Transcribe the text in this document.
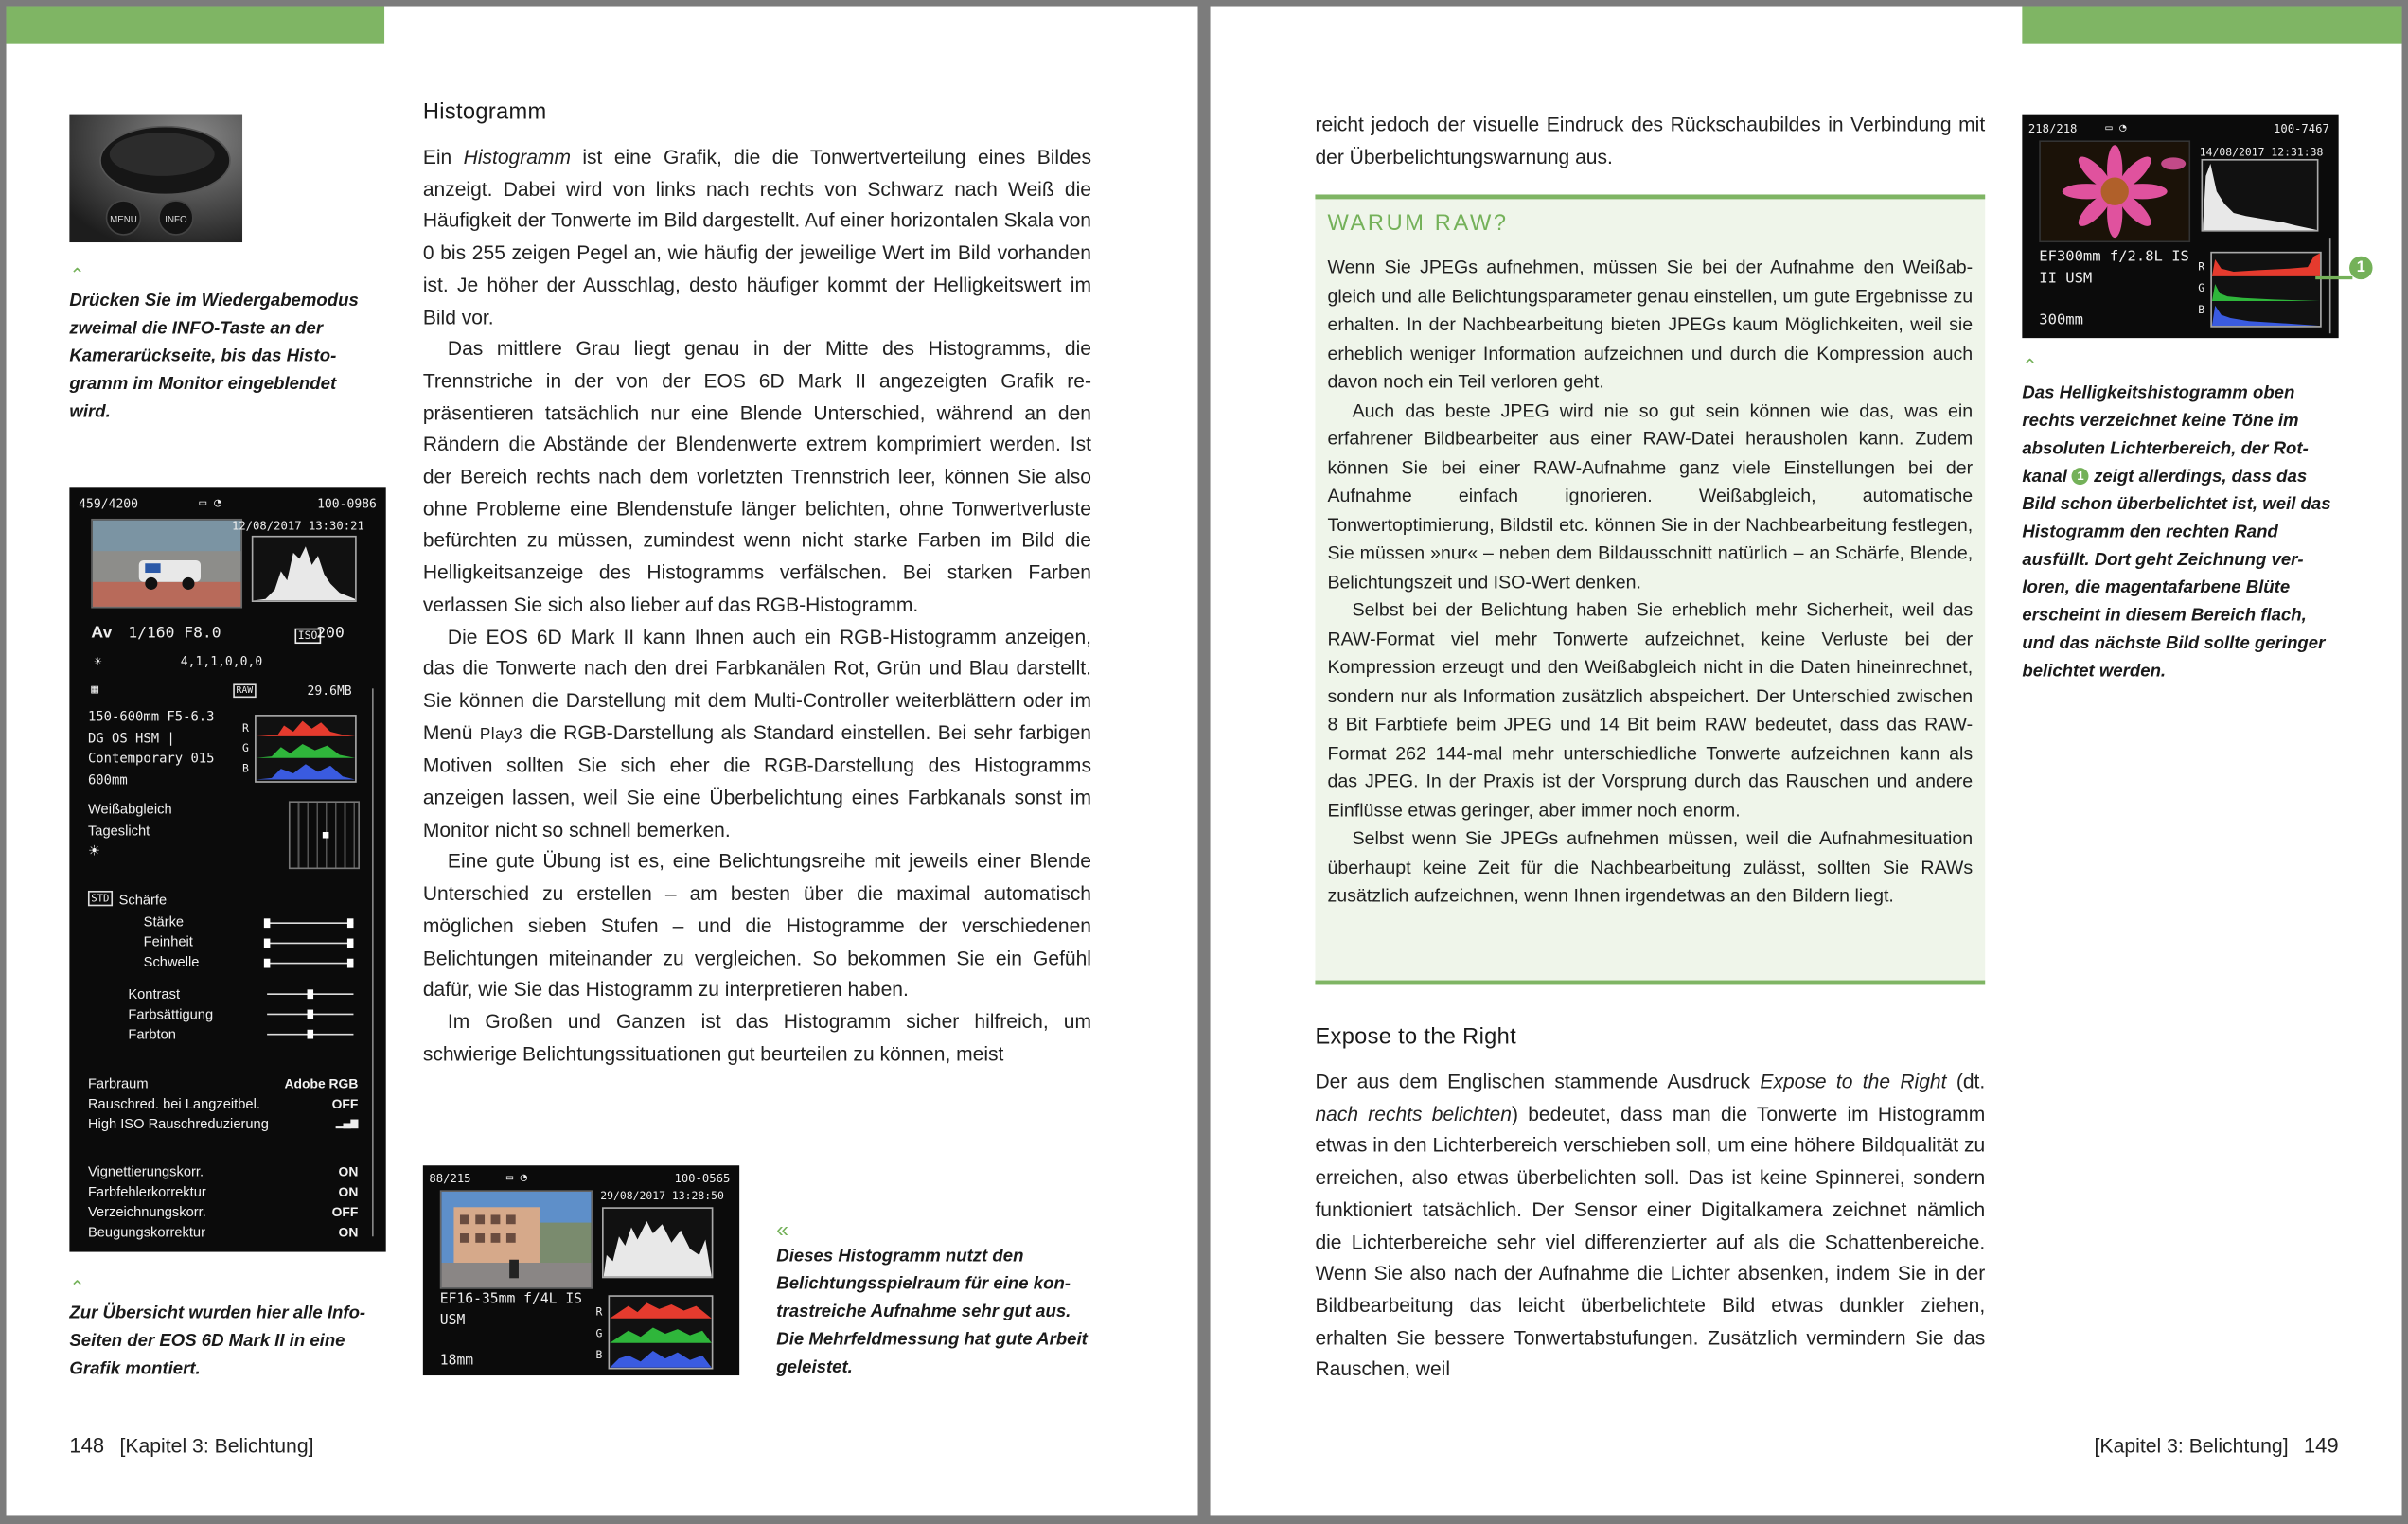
MENU	INFO
⌃
Drücken Sie im Wiedergabemodus zweimal die INFO-Taste an der Kamerarückseite, bis das Histogramm im Monitor eingeblendet wird.
459/4200	▭ ◔	100-0986
12/08/2017 13:30:21
Av 1/160 F8.0	ISO
200
☀	4,1,1,0,0,0
▦	RAW	29.6MB
150-600mm F5-6.3
DG OS HSM |
Contemporary 015
600mm
R
G
B
Weißabgleich
Tageslicht
☀
STD	Schärfe
Stärke
Feinheit
Schwelle
Kontrast
Farbsättigung
Farbton
Farbraum	Adobe RGB
Rauschred. bei Langzeitbel.	OFF
High ISO Rauschreduzierung	▁▃▅
Vignettierungskorr.	ON
Farbfehlerkorrektur	ON
Verzeichnungskorr.	OFF
Beugungskorrektur	ON
⌃
Zur Übersicht wurden hier alle Info-Seiten der EOS 6D Mark II in eine Grafik montiert.
Histogramm

Ein Histogramm ist eine Grafik, die die Tonwertverteilung eines Bildes anzeigt. Dabei wird von links nach rechts von Schwarz nach Weiß die Häufigkeit der Tonwerte im Bild dargestellt. Auf einer horizontalen Skala von 0 bis 255 zeigen Pegel an, wie häufig der jeweilige Wert im Bild vorhanden ist. Je höher der Ausschlag, desto häufiger kommt der Helligkeitswert im Bild vor.

Das mittlere Grau liegt genau in der Mitte des Histogramms, die Trennstriche in der von der EOS 6D Mark II angezeigten Grafik repräsentieren tatsächlich nur eine Blende Unterschied, während an den Rändern die Abstände der Blendenwerte extrem komprimiert werden. Ist der Bereich rechts nach dem vorletzten Trennstrich leer, können Sie also ohne Probleme eine Blendenstufe länger belichten, ohne Tonwertverluste befürchten zu müssen, zumindest wenn nicht starke Farben im Bild die Helligkeitsanzeige des Histogramms verfälschen. Bei starken Farben verlassen Sie sich also lieber auf das RGB-Histogramm.

Die EOS 6D Mark II kann Ihnen auch ein RGB-Histogramm anzeigen, das die Tonwerte nach den drei Farbkanälen Rot, Grün und Blau darstellt. Sie können die Darstellung mit dem Multi-Controller weiterblättern oder im Menü Play3 die RGB-Darstellung als Standard einstellen. Bei sehr farbigen Motiven sollten Sie sich eher die RGB-Darstellung des Histogramms anzeigen lassen, weil Sie eine Überbelichtung eines Farbkanals sonst im Monitor nicht so schnell bemerken.

Eine gute Übung ist es, eine Belichtungsreihe mit jeweils einer Blende Unterschied zu erstellen – am besten über die maximal automatisch möglichen sieben Stufen – und die Histogramme der verschiedenen Belichtungen miteinander zu vergleichen. So bekommen Sie ein Gefühl dafür, wie Sie das Histogramm zu interpretieren haben.

Im Großen und Ganzen ist das Histogramm sicher hilfreich, um schwierige Belichtungssituationen gut beurteilen zu können, meist

88/215	▭ ◔	100-0565
29/08/2017 13:28:50
EF16-35mm f/4L IS
USM
18mm
R
G
B
«
Dieses Histogramm nutzt den Belichtungsspielraum für eine kontrastreiche Aufnahme sehr gut aus. Die Mehrfeldmessung hat gute Arbeit geleistet.
148 [Kapitel 3: Belichtung]
reicht jedoch der visuelle Eindruck des Rückschaubildes in Verbindung mit der Überbelichtungswarnung aus.
WARUM RAW?

Wenn Sie JPEGs aufnehmen, müssen Sie bei der Aufnahme den Weißabgleich und alle Belichtungsparameter genau einstellen, um gute Ergebnisse zu erhalten. In der Nachbearbeitung bieten JPEGs kaum Möglichkeiten, weil sie erheblich weniger Information aufzeichnen und durch die Kompression auch davon noch ein Teil verloren geht.

Auch das beste JPEG wird nie so gut sein können wie das, was ein erfahrener Bildbearbeiter aus einer RAW-Datei herausholen kann. Zudem können Sie bei einer RAW-Aufnahme ganz viele Einstellungen bei der Aufnahme einfach ignorieren. Weißabgleich, automatische Tonwertoptimierung, Bildstil etc. können Sie in der Nachbearbeitung festlegen, Sie müssen »nur« – neben dem Bildausschnitt natürlich – an Schärfe, Blende, Belichtungszeit und ISO-Wert denken.

Selbst bei der Belichtung haben Sie erheblich mehr Sicherheit, weil das RAW-Format viel mehr Tonwerte aufzeichnet, keine Verluste bei der Kompression erzeugt und den Weißabgleich nicht in die Daten hineinrechnet, sondern nur als Information zusätzlich abspeichert. Der Unterschied zwischen 8 Bit Farbtiefe beim JPEG und 14 Bit beim RAW bedeutet, dass das RAW-Format 262 144-mal mehr unterschiedliche Tonwerte aufzeichnen kann als das JPEG. In der Praxis ist der Vorsprung durch das Rauschen und andere Einflüsse etwas geringer, aber immer noch enorm.

Selbst wenn Sie JPEGs aufnehmen müssen, weil die Aufnahmesituation überhaupt keine Zeit für die Nachbearbeitung zulässt, sollten Sie RAWs zusätzlich aufzeichnen, wenn Ihnen irgendetwas an den Bildern liegt.

Expose to the Right

Der aus dem Englischen stammende Ausdruck Expose to the Right (dt. nach rechts belichten) bedeutet, dass man die Tonwerte im Histogramm etwas in den Lichterbereich verschieben soll, um eine höhere Bildqualität zu erreichen, also etwas überbelichten soll. Das ist keine Spinnerei, sondern funktioniert tatsächlich. Der Sensor einer Digitalkamera zeichnet nämlich die Lichterbereiche sehr viel differenzierter auf als die Schattenbereiche. Wenn Sie also nach der Aufnahme die Lichter absenken, indem Sie in der Bildbearbeitung das leicht überbelichtete Bild etwas dunkler ziehen, erhalten Sie bessere Tonwertabstufungen. Zusätzlich vermindern Sie das Rauschen, weil

218/218	▭ ◔	100-7467
14/08/2017 12:31:38
EF300mm f/2.8L IS
II USM
300mm
R
G
B
1
⌃
Das Helligkeitshistogramm oben rechts verzeichnet keine Töne im absoluten Lichterbereich, der Rotkanal 1 zeigt allerdings, dass das Bild schon überbelichtet ist, weil das Histogramm den rechten Rand ausfüllt. Dort geht Zeichnung verloren, die magentafarbene Blüte erscheint in diesem Bereich flach, und das nächste Bild sollte geringer belichtet werden.
[Kapitel 3: Belichtung] 149
